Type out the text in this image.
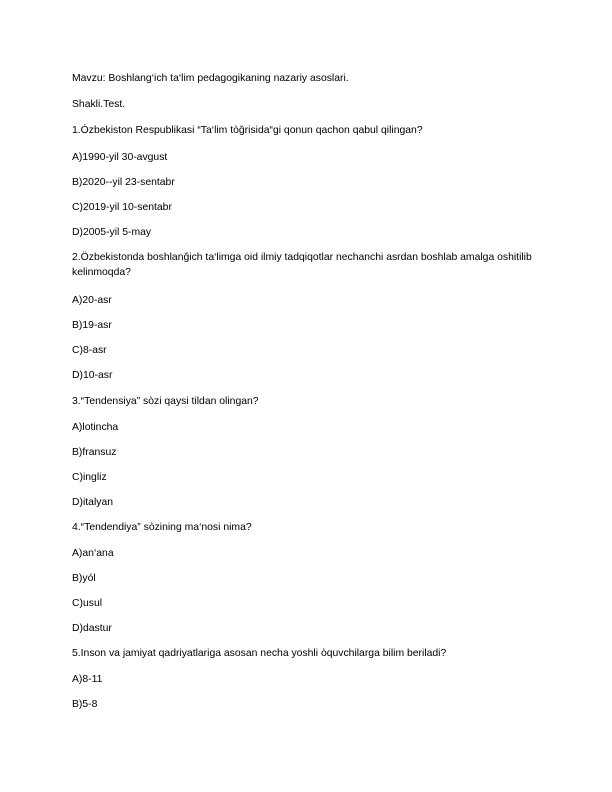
Mavzu: Boshlang‘ich ta‘lim pedagogikaning nazariy asoslari.
Shakli.Test.
1.Ózbekiston Respublikasi “Ta‘lim tòğrisida“gi qonun qachon qabul qilingan?
A)1990-yil 30-avgust
B)2020--yil 23-sentabr
C)2019-yil 10-sentabr
D)2005-yil 5-may
2.Özbekistonda boshlanğich ta‘limga oid ilmiy tadqiqotlar nechanchi asrdan boshlab amalga oshitilib kelinmoqda?
A)20-asr
B)19-asr
C)8-asr
D)10-asr
3.“Tendensiya” sòzi qaysi tildan olingan?
A)lotincha
B)fransuz
C)ingliz
D)italyan
4.“Tendendiya” sòzining ma‘nosi nima?
A)an‘ana
B)yól
C)usul
D)dastur
5.Inson va jamiyat qadriyatlariga asosan necha yoshli òquvchilarga bilim beriladi?
A)8-11
B)5-8
